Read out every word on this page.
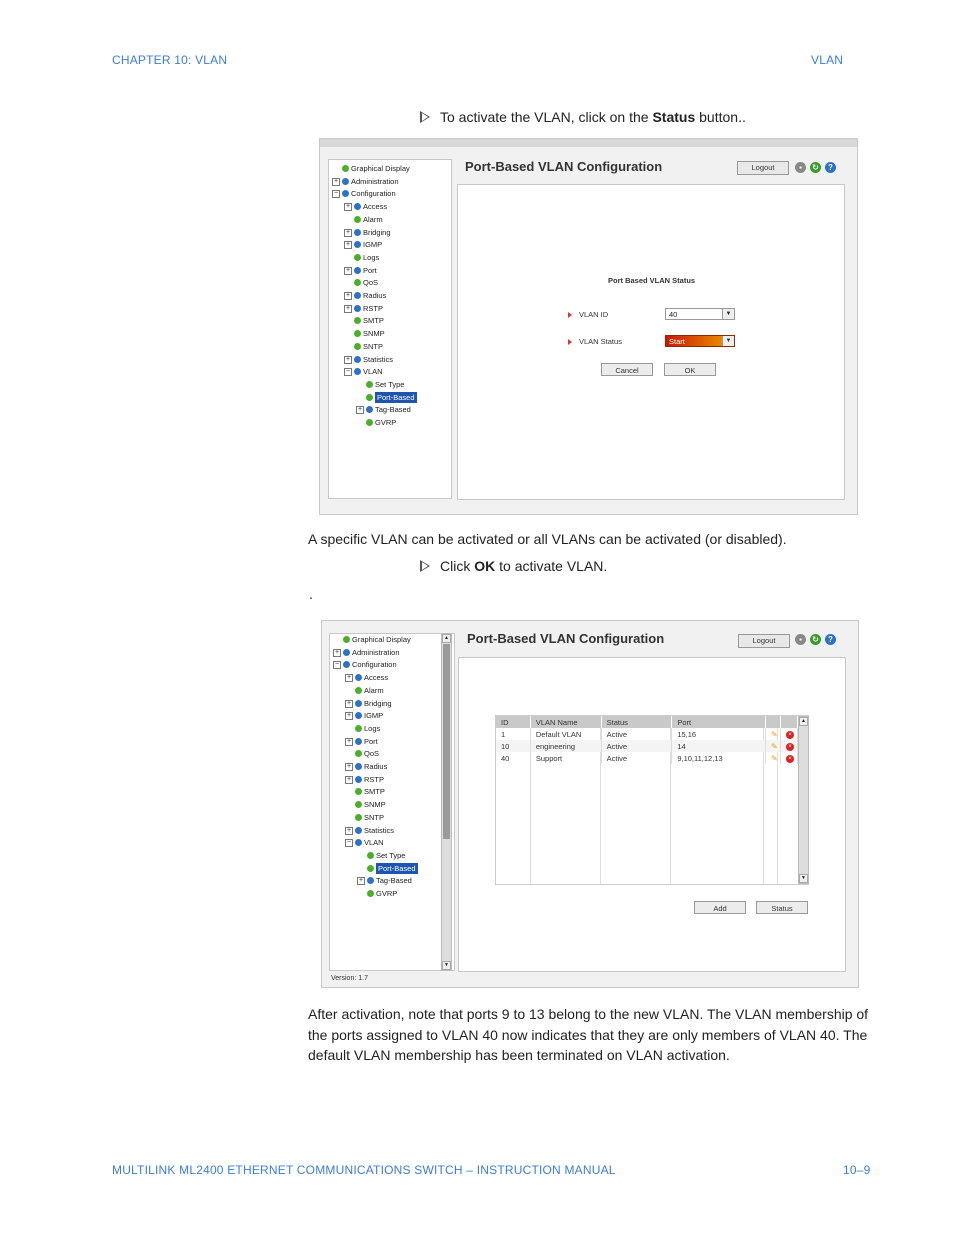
CHAPTER 10: VLAN	VLAN
To activate the VLAN, click on the Status button..
Graphical Display
+ Administration
− Configuration
+ Access
Alarm
+ Bridging
+ IGMP
Logs
+ Port
QoS
+ Radius
+ RSTP
SMTP
SNMP
SNTP
+ Statistics
− VLAN
Set Type
Port-Based
+ Tag-Based
GVRP
Port-Based VLAN Configuration	Logout	▪	↻	?
Port Based VLAN Status
VLAN ID	40	▼
VLAN Status	Start	▼
Cancel	OK
A specific VLAN can be activated or all VLANs can be activated (or disabled).
Click OK to activate VLAN.
.
Graphical Display
+ Administration
− Configuration
+ Access
Alarm
+ Bridging
+ IGMP
Logs
+ Port
QoS
+ Radius
+ RSTP
SMTP
SNMP
SNTP
+ Statistics
− VLAN
Set Type
Port-Based
+ Tag-Based
GVRP
▲
▼
Version: 1.7
Port-Based VLAN Configuration	Logout	▪	↻	?
ID	VLAN Name	Status	Port		
1	Default VLAN	Active	15,16	✎	×
10	engineering	Active	14	✎	×
40	Support	Active	9,10,11,12,13	✎	×
▲
▼
Add	Status
After activation, note that ports 9 to 13 belong to the new VLAN. The VLAN membership of the ports assigned to VLAN 40 now indicates that they are only members of VLAN 40. The default VLAN membership has been terminated on VLAN activation.
MULTILINK ML2400 ETHERNET COMMUNICATIONS SWITCH – INSTRUCTION MANUAL	10–9
